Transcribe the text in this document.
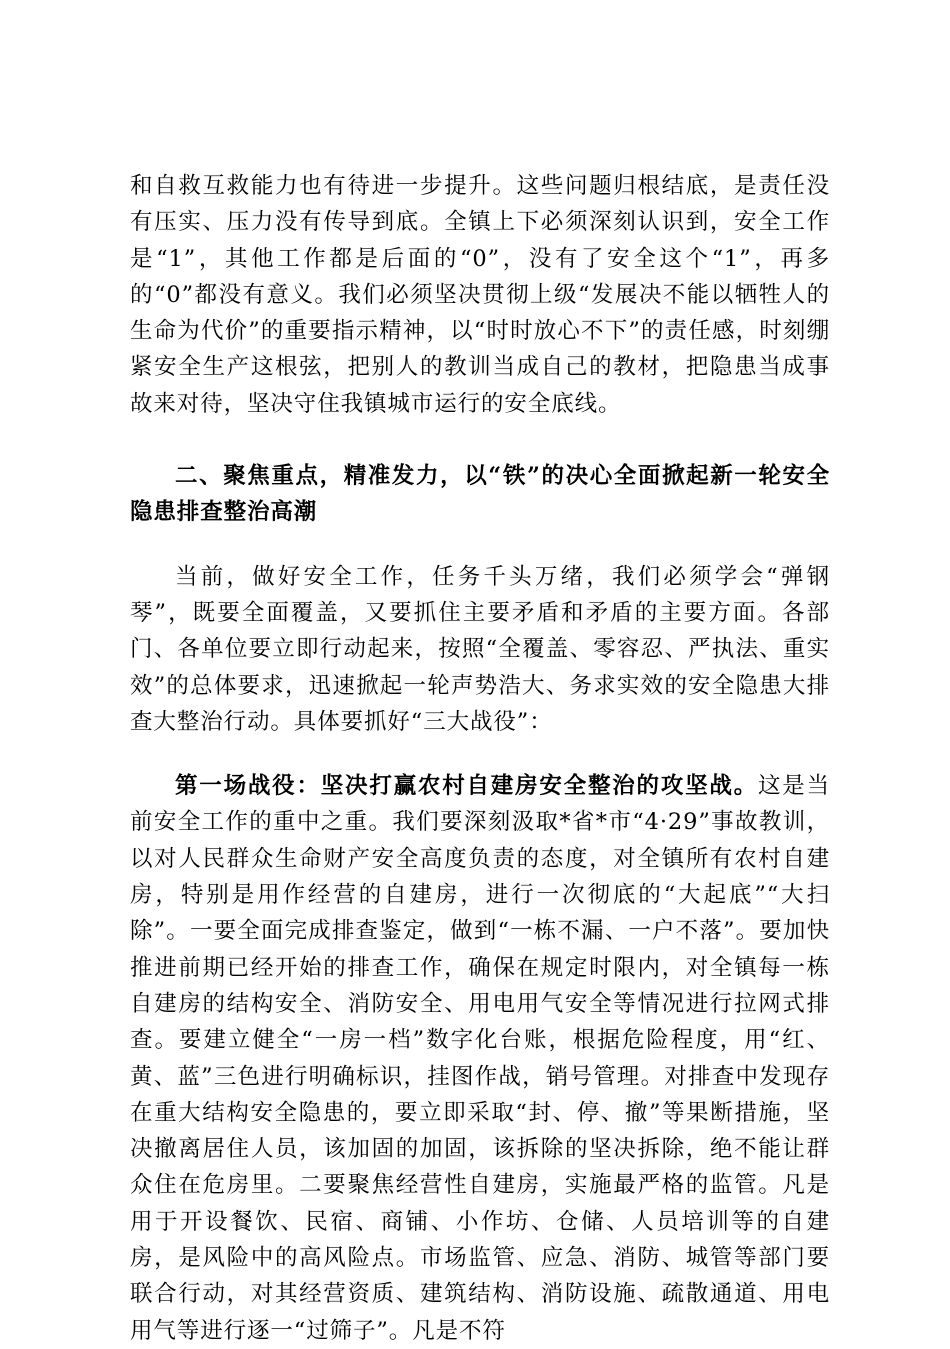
和自救互救能力也有待进一步提升。这些问题归根结底，是责任没有压实、压力没有传导到底。全镇上下必须深刻认识到，安全工作是“1”，其他工作都是后面的“0”，没有了安全这个“1”，再多的“0”都没有意义。我们必须坚决贯彻上级“发展决不能以牺牲人的生命为代价”的重要指示精神，以“时时放心不下”的责任感，时刻绷紧安全生产这根弦，把别人的教训当成自己的教材，把隐患当成事故来对待，坚决守住我镇城市运行的安全底线。

二、聚焦重点，精准发力，以“铁”的决心全面掀起新一轮安全隐患排查整治高潮

当前，做好安全工作，任务千头万绪，我们必须学会“弹钢琴”，既要全面覆盖，又要抓住主要矛盾和矛盾的主要方面。各部门、各单位要立即行动起来，按照“全覆盖、零容忍、严执法、重实效”的总体要求，迅速掀起一轮声势浩大、务求实效的安全隐患大排查大整治行动。具体要抓好“三大战役”：

第一场战役：坚决打赢农村自建房安全整治的攻坚战。这是当前安全工作的重中之重。我们要深刻汲取*省*市“4·29”事故教训，以对人民群众生命财产安全高度负责的态度，对全镇所有农村自建房，特别是用作经营的自建房，进行一次彻底的“大起底”“大扫除”。一要全面完成排查鉴定，做到“一栋不漏、一户不落”。要加快推进前期已经开始的排查工作，确保在规定时限内，对全镇每一栋自建房的结构安全、消防安全、用电用气安全等情况进行拉网式排查。要建立健全“一房一档”数字化台账，根据危险程度，用“红、黄、蓝”三色进行明确标识，挂图作战，销号管理。对排查中发现存在重大结构安全隐患的，要立即采取“封、停、撤”等果断措施，坚决撤离居住人员，该加固的加固，该拆除的坚决拆除，绝不能让群众住在危房里。二要聚焦经营性自建房，实施最严格的监管。凡是用于开设餐饮、民宿、商铺、小作坊、仓储、人员培训等的自建房，是风险中的高风险点。市场监管、应急、消防、城管等部门要联合行动，对其经营资质、建筑结构、消防设施、疏散通道、用电用气等进行逐一“过筛子”。凡是不符
